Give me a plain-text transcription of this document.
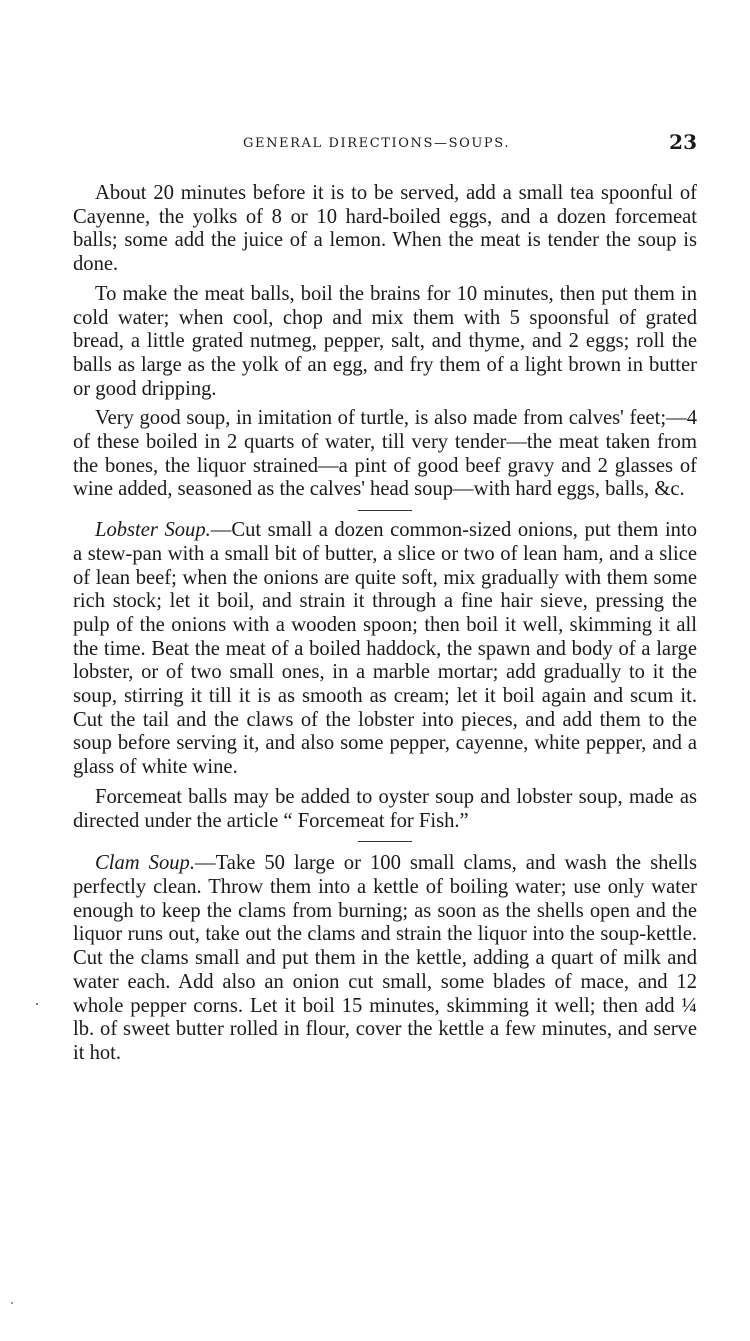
GENERAL DIRECTIONS—SOUPS.	23

About 20 minutes before it is to be served, add a small tea spoonful of Cayenne, the yolks of 8 or 10 hard-boiled eggs, and a dozen forcemeat balls; some add the juice of a lemon. When the meat is tender the soup is done.

To make the meat balls, boil the brains for 10 minutes, then put them in cold water; when cool, chop and mix them with 5 spoonsful of grated bread, a little grated nutmeg, pepper, salt, and thyme, and 2 eggs; roll the balls as large as the yolk of an egg, and fry them of a light brown in butter or good dripping.

Very good soup, in imitation of turtle, is also made from calves' feet;—4 of these boiled in 2 quarts of water, till very tender—the meat taken from the bones, the liquor strained—a pint of good beef gravy and 2 glasses of wine added, seasoned as the calves' head soup—with hard eggs, balls, &c.

Lobster Soup.—Cut small a dozen common-sized onions, put them into a stew-pan with a small bit of butter, a slice or two of lean ham, and a slice of lean beef; when the onions are quite soft, mix gradually with them some rich stock; let it boil, and strain it through a fine hair sieve, pressing the pulp of the onions with a wooden spoon; then boil it well, skimming it all the time. Beat the meat of a boiled haddock, the spawn and body of a large lobster, or of two small ones, in a marble mortar; add gradually to it the soup, stirring it till it is as smooth as cream; let it boil again and scum it. Cut the tail and the claws of the lobster into pieces, and add them to the soup before serving it, and also some pepper, cayenne, white pepper, and a glass of white wine.

Forcemeat balls may be added to oyster soup and lobster soup, made as directed under the article “ Forcemeat for Fish.”

Clam Soup.—Take 50 large or 100 small clams, and wash the shells perfectly clean. Throw them into a kettle of boiling water; use only water enough to keep the clams from burning; as soon as the shells open and the liquor runs out, take out the clams and strain the liquor into the soup-kettle. Cut the clams small and put them in the kettle, adding a quart of milk and water each. Add also an onion cut small, some blades of mace, and 12 whole pepper corns. Let it boil 15 minutes, skimming it well; then add ¼ lb. of sweet butter rolled in flour, cover the kettle a few minutes, and serve it hot.
